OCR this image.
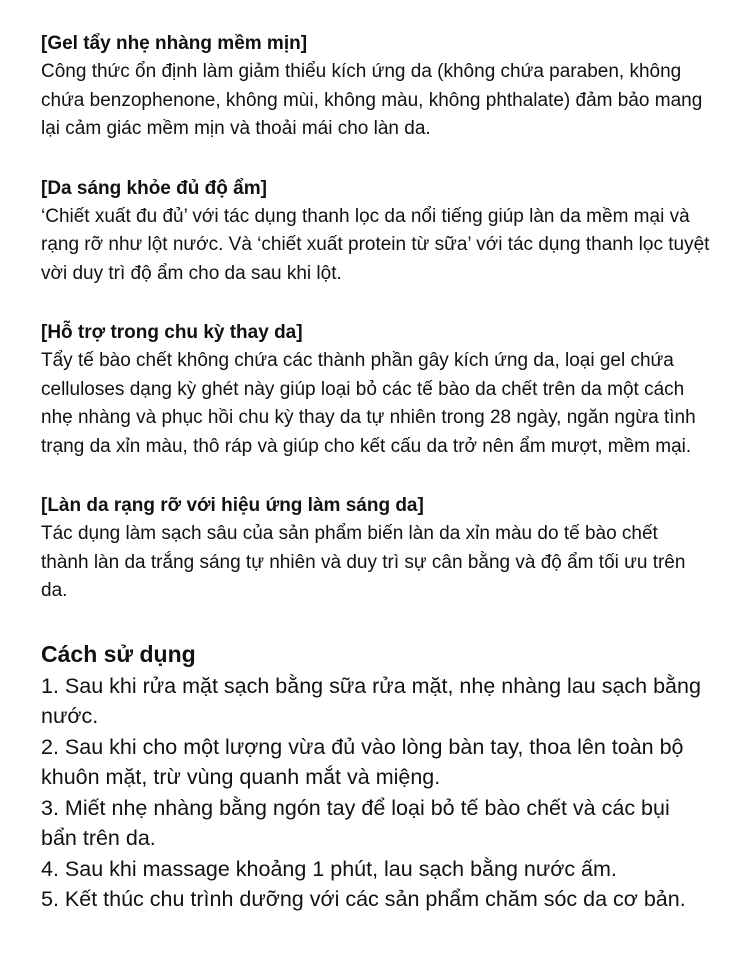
[Gel tẩy nhẹ nhàng mềm mịn]

Công thức ổn định làm giảm thiểu kích ứng da (không chứa paraben, không chứa benzophenone, không mùi, không màu, không phthalate) đảm bảo mang lại cảm giác mềm mịn và thoải mái cho làn da.

[Da sáng khỏe đủ độ ẩm]

‘Chiết xuất đu đủ’ với tác dụng thanh lọc da nổi tiếng giúp làn da mềm mại và rạng rỡ như lột nước. Và ‘chiết xuất protein từ sữa’ với tác dụng thanh lọc tuyệt vời duy trì độ ẩm cho da sau khi lột.

[Hỗ trợ trong chu kỳ thay da]

Tẩy tế bào chết không chứa các thành phần gây kích ứng da, loại gel chứa celluloses dạng kỳ ghét này giúp loại bỏ các tế bào da chết trên da một cách nhẹ nhàng và phục hồi chu kỳ thay da tự nhiên trong 28 ngày, ngăn ngừa tình trạng da xỉn màu, thô ráp và giúp cho kết cấu da trở nên ẩm mượt, mềm mại.

[Làn da rạng rỡ với hiệu ứng làm sáng da]

Tác dụng làm sạch sâu của sản phẩm biến làn da xỉn màu do tế bào chết thành làn da trắng sáng tự nhiên và duy trì sự cân bằng và độ ẩm tối ưu trên da.

Cách sử dụng

1. Sau khi rửa mặt sạch bằng sữa rửa mặt, nhẹ nhàng lau sạch bằng nước.
2. Sau khi cho một lượng vừa đủ vào lòng bàn tay, thoa lên toàn bộ khuôn mặt, trừ vùng quanh mắt và miệng.
3. Miết nhẹ nhàng bằng ngón tay để loại bỏ tế bào chết và các bụi bẩn trên da.
4. Sau khi massage khoảng 1 phút, lau sạch bằng nước ấm.
5. Kết thúc chu trình dưỡng với các sản phẩm chăm sóc da cơ bản.
